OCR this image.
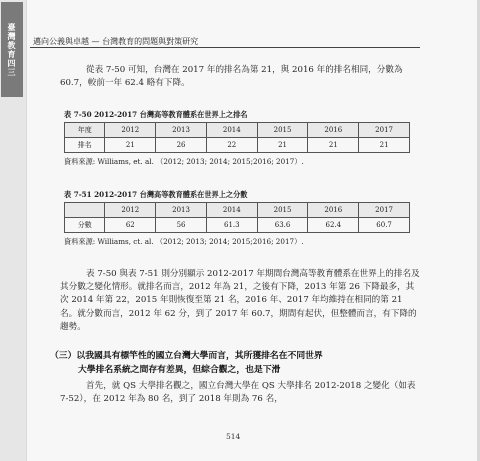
臺灣教育四三	邁向公義與卓越 — 台灣教育的問題與對策研究
從表 7-50 可知，台灣在 2017 年的排名為第 21，與 2016 年的排名相同，分數為 60.7，較前一年 62.4 略有下降。
表 7-50 2012-2017 台灣高等教育體系在世界上之排名
年度	2012	2013	2014	2015	2016	2017
排名	21	26	22	21	21	21
資料來源: Williams, et. al. （2012; 2013; 2014; 2015;2016; 2017）.
表 7-51 2012-2017 台灣高等教育體系在世界上之分數
	2012	2013	2014	2015	2016	2017
分數	62	56	61.3	63.6	62.4	60.7
資料來源: Williams, ct. al. （2012; 2013; 2014; 2015;2016; 2017）.
表 7-50 與表 7-51 則分別顯示 2012-2017 年期間台灣高等教育體系在世界上的排名及其分數之變化情形。就排名而言，2012 年為 21，之後有下降，2013 年第 26 下降最多，其次 2014 年第 22，2015 年則恢復至第 21 名，2016 年、2017 年均維持在相同的第 21 名。就分數而言，2012 年 62 分，到了 2017 年 60.7，期間有起伏，但整體而言，有下降的趨勢。
（三）以我國具有標竿性的國立台灣大學而言，其所獲排名在不同世界
大學排名系統之間存有差異，但綜合觀之，也是下滑
首先，就 QS 大學排名觀之，國立台灣大學在 QS 大學排名 2012-2018 之變化（如表 7-52），在 2012 年為 80 名，到了 2018 年則為 76 名，
514
